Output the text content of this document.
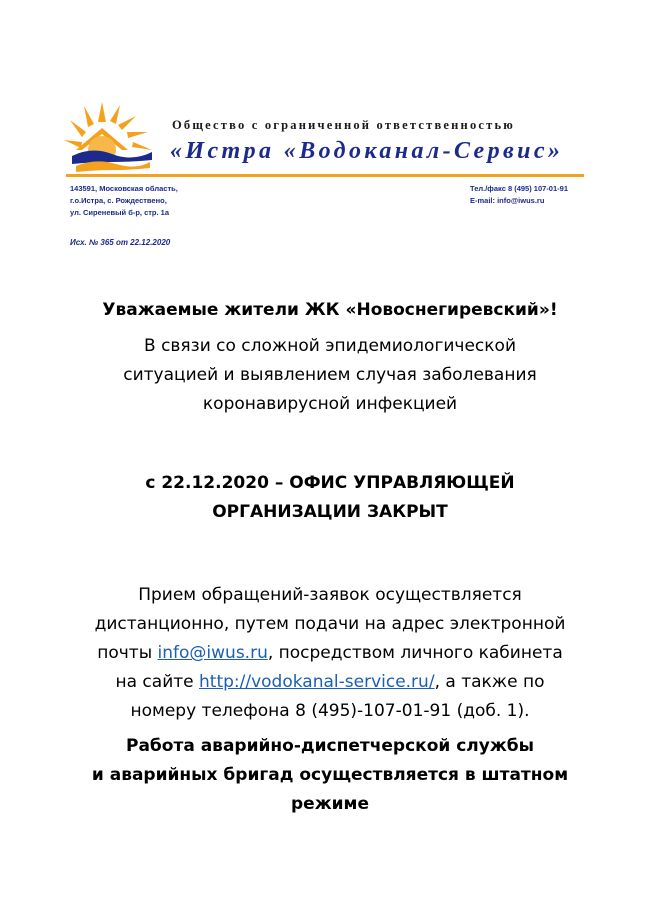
Общество с ограниченной ответственностью
«Истра «Водоканал-Сервис»
143591, Московская область,
г.о.Истра, с. Рождествено,
ул. Сиреневый б-р, стр. 1а
Тел./факс 8 (495) 107-01-91
E-mail: info@iwus.ru
Исх. № 365 от 22.12.2020

Уважаемые жители ЖК «Новоснегиревский»!

В связи со сложной эпидемиологической

ситуацией и выявлением случая заболевания

коронавирусной инфекцией

с 22.12.2020 – ОФИС УПРАВЛЯЮЩЕЙ

ОРГАНИЗАЦИИ ЗАКРЫТ

Прием обращений-заявок осуществляется

дистанционно, путем подачи на адрес электронной

почты info@iwus.ru, посредством личного кабинета

на сайте http://vodokanal-service.ru/, а также по

номеру телефона 8 (495)-107-01-91 (доб. 1).

Работа аварийно-диспетчерской службы

и аварийных бригад осуществляется в штатном

режиме
